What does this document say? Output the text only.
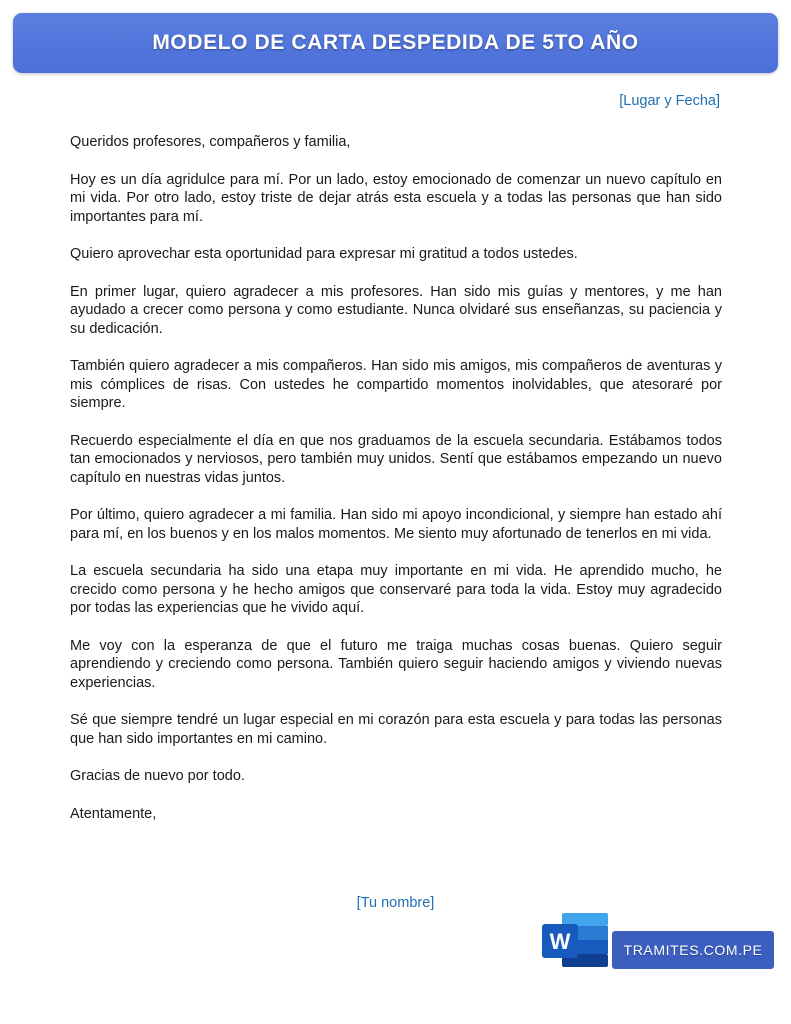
MODELO DE CARTA DESPEDIDA DE 5TO AÑO
[Lugar y Fecha]

Queridos profesores, compañeros y familia,

Hoy es un día agridulce para mí. Por un lado, estoy emocionado de comenzar un nuevo capítulo en mi vida. Por otro lado, estoy triste de dejar atrás esta escuela y a todas las personas que han sido importantes para mí.

Quiero aprovechar esta oportunidad para expresar mi gratitud a todos ustedes.

En primer lugar, quiero agradecer a mis profesores. Han sido mis guías y mentores, y me han ayudado a crecer como persona y como estudiante. Nunca olvidaré sus enseñanzas, su paciencia y su dedicación.

También quiero agradecer a mis compañeros. Han sido mis amigos, mis compañeros de aventuras y mis cómplices de risas. Con ustedes he compartido momentos inolvidables, que atesoraré por siempre.

Recuerdo especialmente el día en que nos graduamos de la escuela secundaria. Estábamos todos tan emocionados y nerviosos, pero también muy unidos. Sentí que estábamos empezando un nuevo capítulo en nuestras vidas juntos.

Por último, quiero agradecer a mi familia. Han sido mi apoyo incondicional, y siempre han estado ahí para mí, en los buenos y en los malos momentos. Me siento muy afortunado de tenerlos en mi vida.

La escuela secundaria ha sido una etapa muy importante en mi vida. He aprendido mucho, he crecido como persona y he hecho amigos que conservaré para toda la vida. Estoy muy agradecido por todas las experiencias que he vivido aquí.

Me voy con la esperanza de que el futuro me traiga muchas cosas buenas. Quiero seguir aprendiendo y creciendo como persona. También quiero seguir haciendo amigos y viviendo nuevas experiencias.

Sé que siempre tendré un lugar especial en mi corazón para esta escuela y para todas las personas que han sido importantes en mi camino.

Gracias de nuevo por todo.

Atentamente,

[Tu nombre]
W	TRAMITES.COM.PE
